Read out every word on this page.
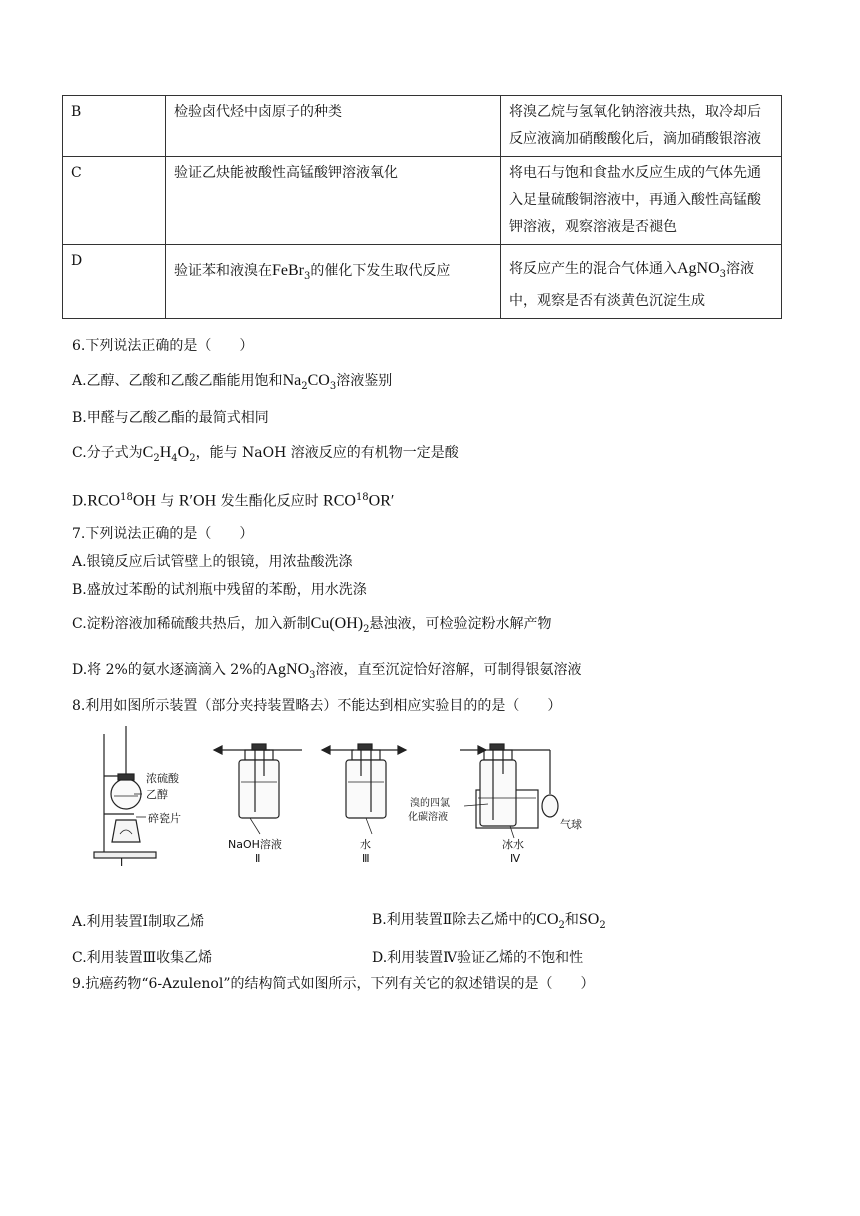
B	检验卤代烃中卤原子的种类	将溴乙烷与氢氧化钠溶液共热，取冷却后反应液滴加硝酸酸化后，滴加硝酸银溶液
C	验证乙炔能被酸性高锰酸钾溶液氧化	将电石与饱和食盐水反应生成的气体先通入足量硫酸铜溶液中，再通入酸性高锰酸钾溶液，观察溶液是否褪色
D	验证苯和液溴在FeBr$_3$的催化下发生取代反应	将反应产生的混合气体通入AgNO$_3$溶液中，观察是否有淡黄色沉淀生成
6.下列说法正确的是（　　）
A.乙醇、乙酸和乙酸乙酯能用饱和$Na_2CO_3$溶液鉴别
B.甲醛与乙酸乙酯的最简式相同
C.分子式为$C_2H_4O_2$，能与 NaOH 溶液反应的有机物一定是酸
D.RCO$^{18}$OH 与 R′OH 发生酯化反应时 RCO$^{18}$OR′
7.下列说法正确的是（　　）
A.银镜反应后试管壁上的银镜，用浓盐酸洗涤
B.盛放过苯酚的试剂瓶中残留的苯酚，用水洗涤
C.淀粉溶液加稀硫酸共热后，加入新制$Cu(OH)_2$悬浊液，可检验淀粉水解产物
D.将 2%的氨水逐滴滴入 2%的AgNO$_3$溶液，直至沉淀恰好溶解，可制得银氨溶液
8.利用如图所示装置（部分夹持装置略去）不能达到相应实验目的的是（　　）
浓硫酸
乙醇
碎瓷片
NaOH溶液	水
溴的四氯
化碳溶液
冰水
气球
Ⅰ	Ⅱ	Ⅲ	Ⅳ
A.利用装置Ⅰ制取乙烯	B.利用装置Ⅱ除去乙烯中的$CO_2$和$SO_2$
C.利用装置Ⅲ收集乙烯	D.利用装置Ⅳ验证乙烯的不饱和性
9.抗癌药物“6-Azulenol”的结构简式如图所示，下列有关它的叙述错误的是（　　）
